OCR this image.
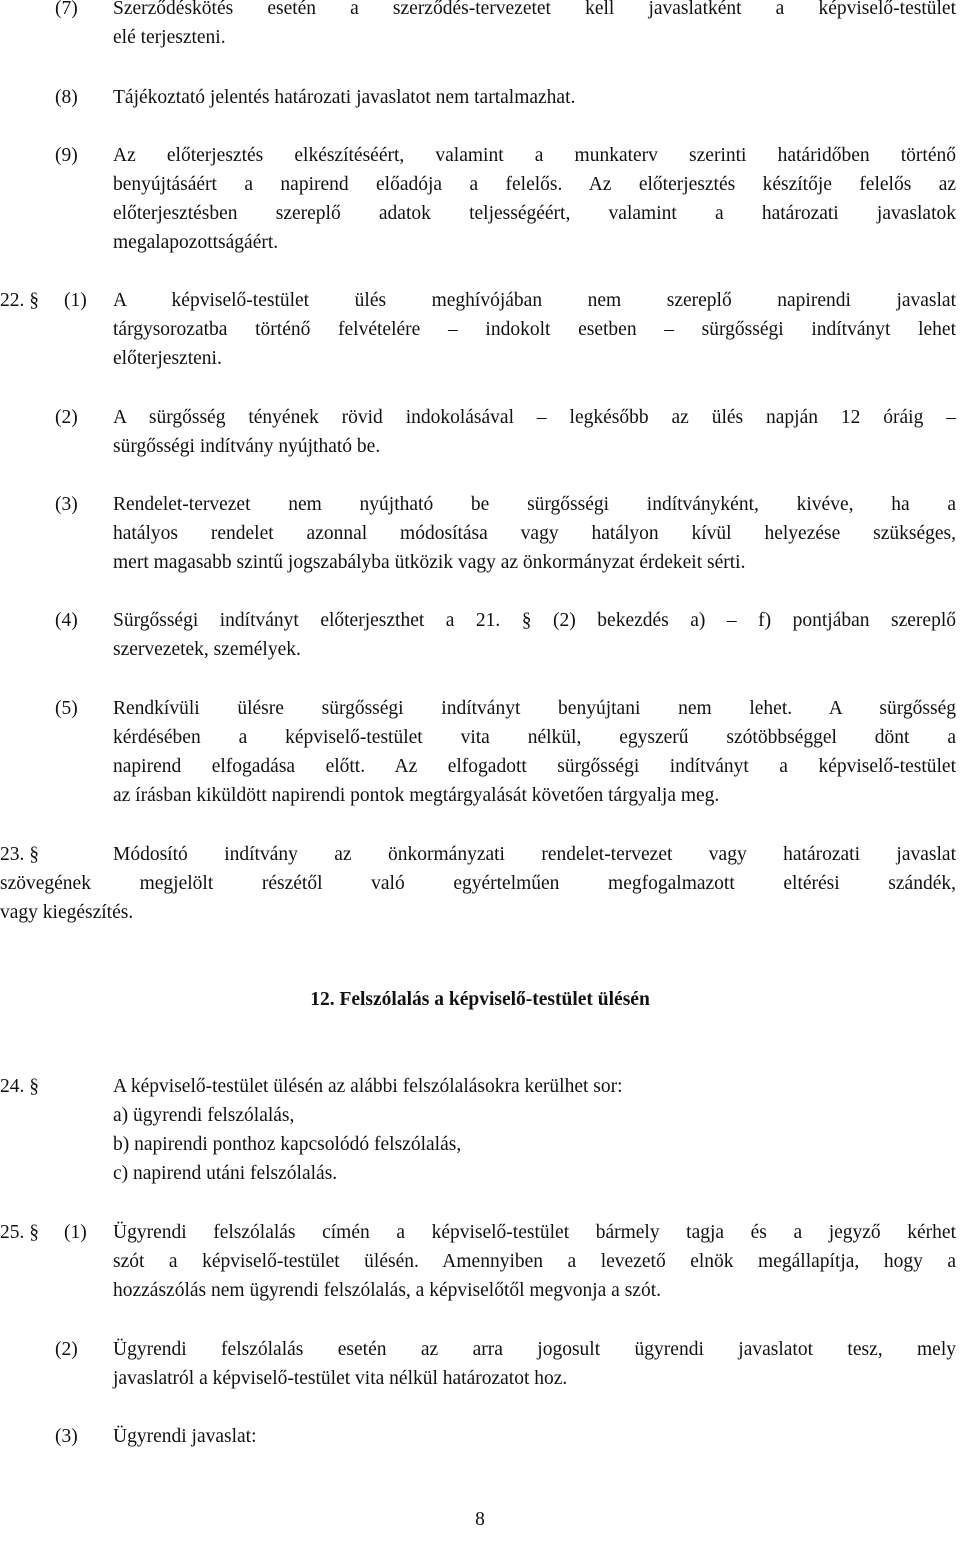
(7) Szerződéskötés esetén a szerződés-tervezetet kell javaslatként a képviselő-testület
elé terjeszteni.
(8) Tájékoztató jelentés határozati javaslatot nem tartalmazhat.
(9) Az előterjesztés elkészítéséért, valamint a munkaterv szerinti határidőben történő
benyújtásáért a napirend előadója a felelős. Az előterjesztés készítője felelős az
előterjesztésben szereplő adatok teljességéért, valamint a határozati javaslatok
megalapozottságáért.
22. § (1) A képviselő-testület ülés meghívójában nem szereplő napirendi javaslat
tárgysorozatba történő felvételére – indokolt esetben – sürgősségi indítványt lehet
előterjeszteni.
(2) A sürgősség tényének rövid indokolásával – legkésőbb az ülés napján 12 óráig –
sürgősségi indítvány nyújtható be.
(3) Rendelet-tervezet nem nyújtható be sürgősségi indítványként, kivéve, ha a
hatályos rendelet azonnal módosítása vagy hatályon kívül helyezése szükséges,
mert magasabb szintű jogszabályba ütközik vagy az önkormányzat érdekeit sérti.
(4) Sürgősségi indítványt előterjeszthet a 21. § (2) bekezdés a) – f) pontjában szereplő
szervezetek, személyek.
(5) Rendkívüli ülésre sürgősségi indítványt benyújtani nem lehet. A sürgősség
kérdésében a képviselő-testület vita nélkül, egyszerű szótöbbséggel dönt a
napirend elfogadása előtt. Az elfogadott sürgősségi indítványt a képviselő-testület
az írásban kiküldött napirendi pontok megtárgyalását követően tárgyalja meg.
23. §	Módosító indítvány az önkormányzati rendelet-tervezet vagy határozati javaslat
szövegének megjelölt részétől való egyértelműen megfogalmazott eltérési szándék,
vagy kiegészítés.
12. Felszólalás a képviselő-testület ülésén
24. §	A képviselő-testület ülésén az alábbi felszólalásokra kerülhet sor:
a) ügyrendi felszólalás,
b) napirendi ponthoz kapcsolódó felszólalás,
c) napirend utáni felszólalás.
25. § (1) Ügyrendi felszólalás címén a képviselő-testület bármely tagja és a jegyző kérhet
szót a képviselő-testület ülésén. Amennyiben a levezető elnök megállapítja, hogy a
hozzászólás nem ügyrendi felszólalás, a képviselőtől megvonja a szót.
(2) Ügyrendi felszólalás esetén az arra jogosult ügyrendi javaslatot tesz, mely
javaslatról a képviselő-testület vita nélkül határozatot hoz.
(3) Ügyrendi javaslat:
8
